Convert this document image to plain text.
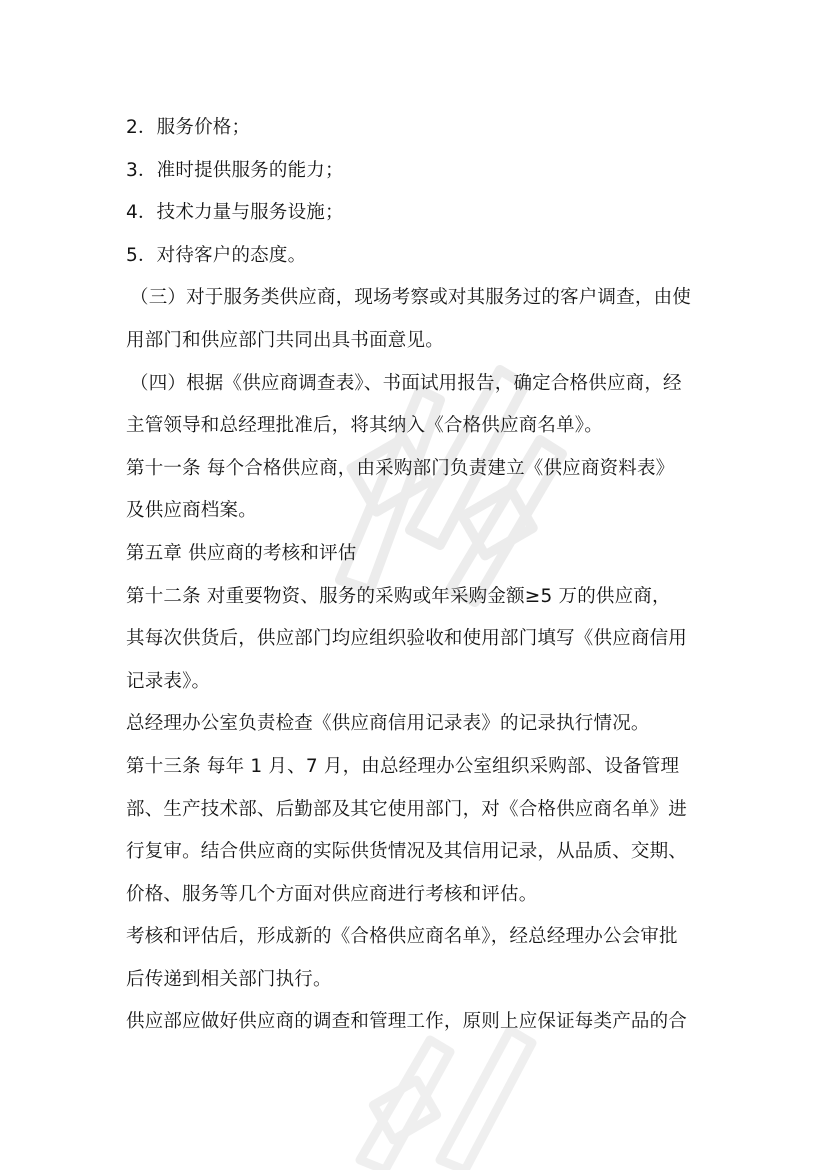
2．服务价格；
3．准时提供服务的能力；
4．技术力量与服务设施；
5．对待客户的态度。
（三）对于服务类供应商，现场考察或对其服务过的客户调查，由使
用部门和供应部门共同出具书面意见。
（四）根据《供应商调查表》、书面试用报告，确定合格供应商，经
主管领导和总经理批准后，将其纳入《合格供应商名单》。
第十一条 每个合格供应商，由采购部门负责建立《供应商资料表》
及供应商档案。
第五章 供应商的考核和评估
第十二条 对重要物资、服务的采购或年采购金额≥5 万的供应商，
其每次供货后，供应部门均应组织验收和使用部门填写《供应商信用
记录表》。
总经理办公室负责检查《供应商信用记录表》的记录执行情况。
第十三条 每年 1 月、7 月，由总经理办公室组织采购部、设备管理
部、生产技术部、后勤部及其它使用部门，对《合格供应商名单》进
行复审。结合供应商的实际供货情况及其信用记录，从品质、交期、
价格、服务等几个方面对供应商进行考核和评估。
考核和评估后，形成新的《合格供应商名单》，经总经理办公会审批
后传递到相关部门执行。
供应部应做好供应商的调查和管理工作，原则上应保证每类产品的合
